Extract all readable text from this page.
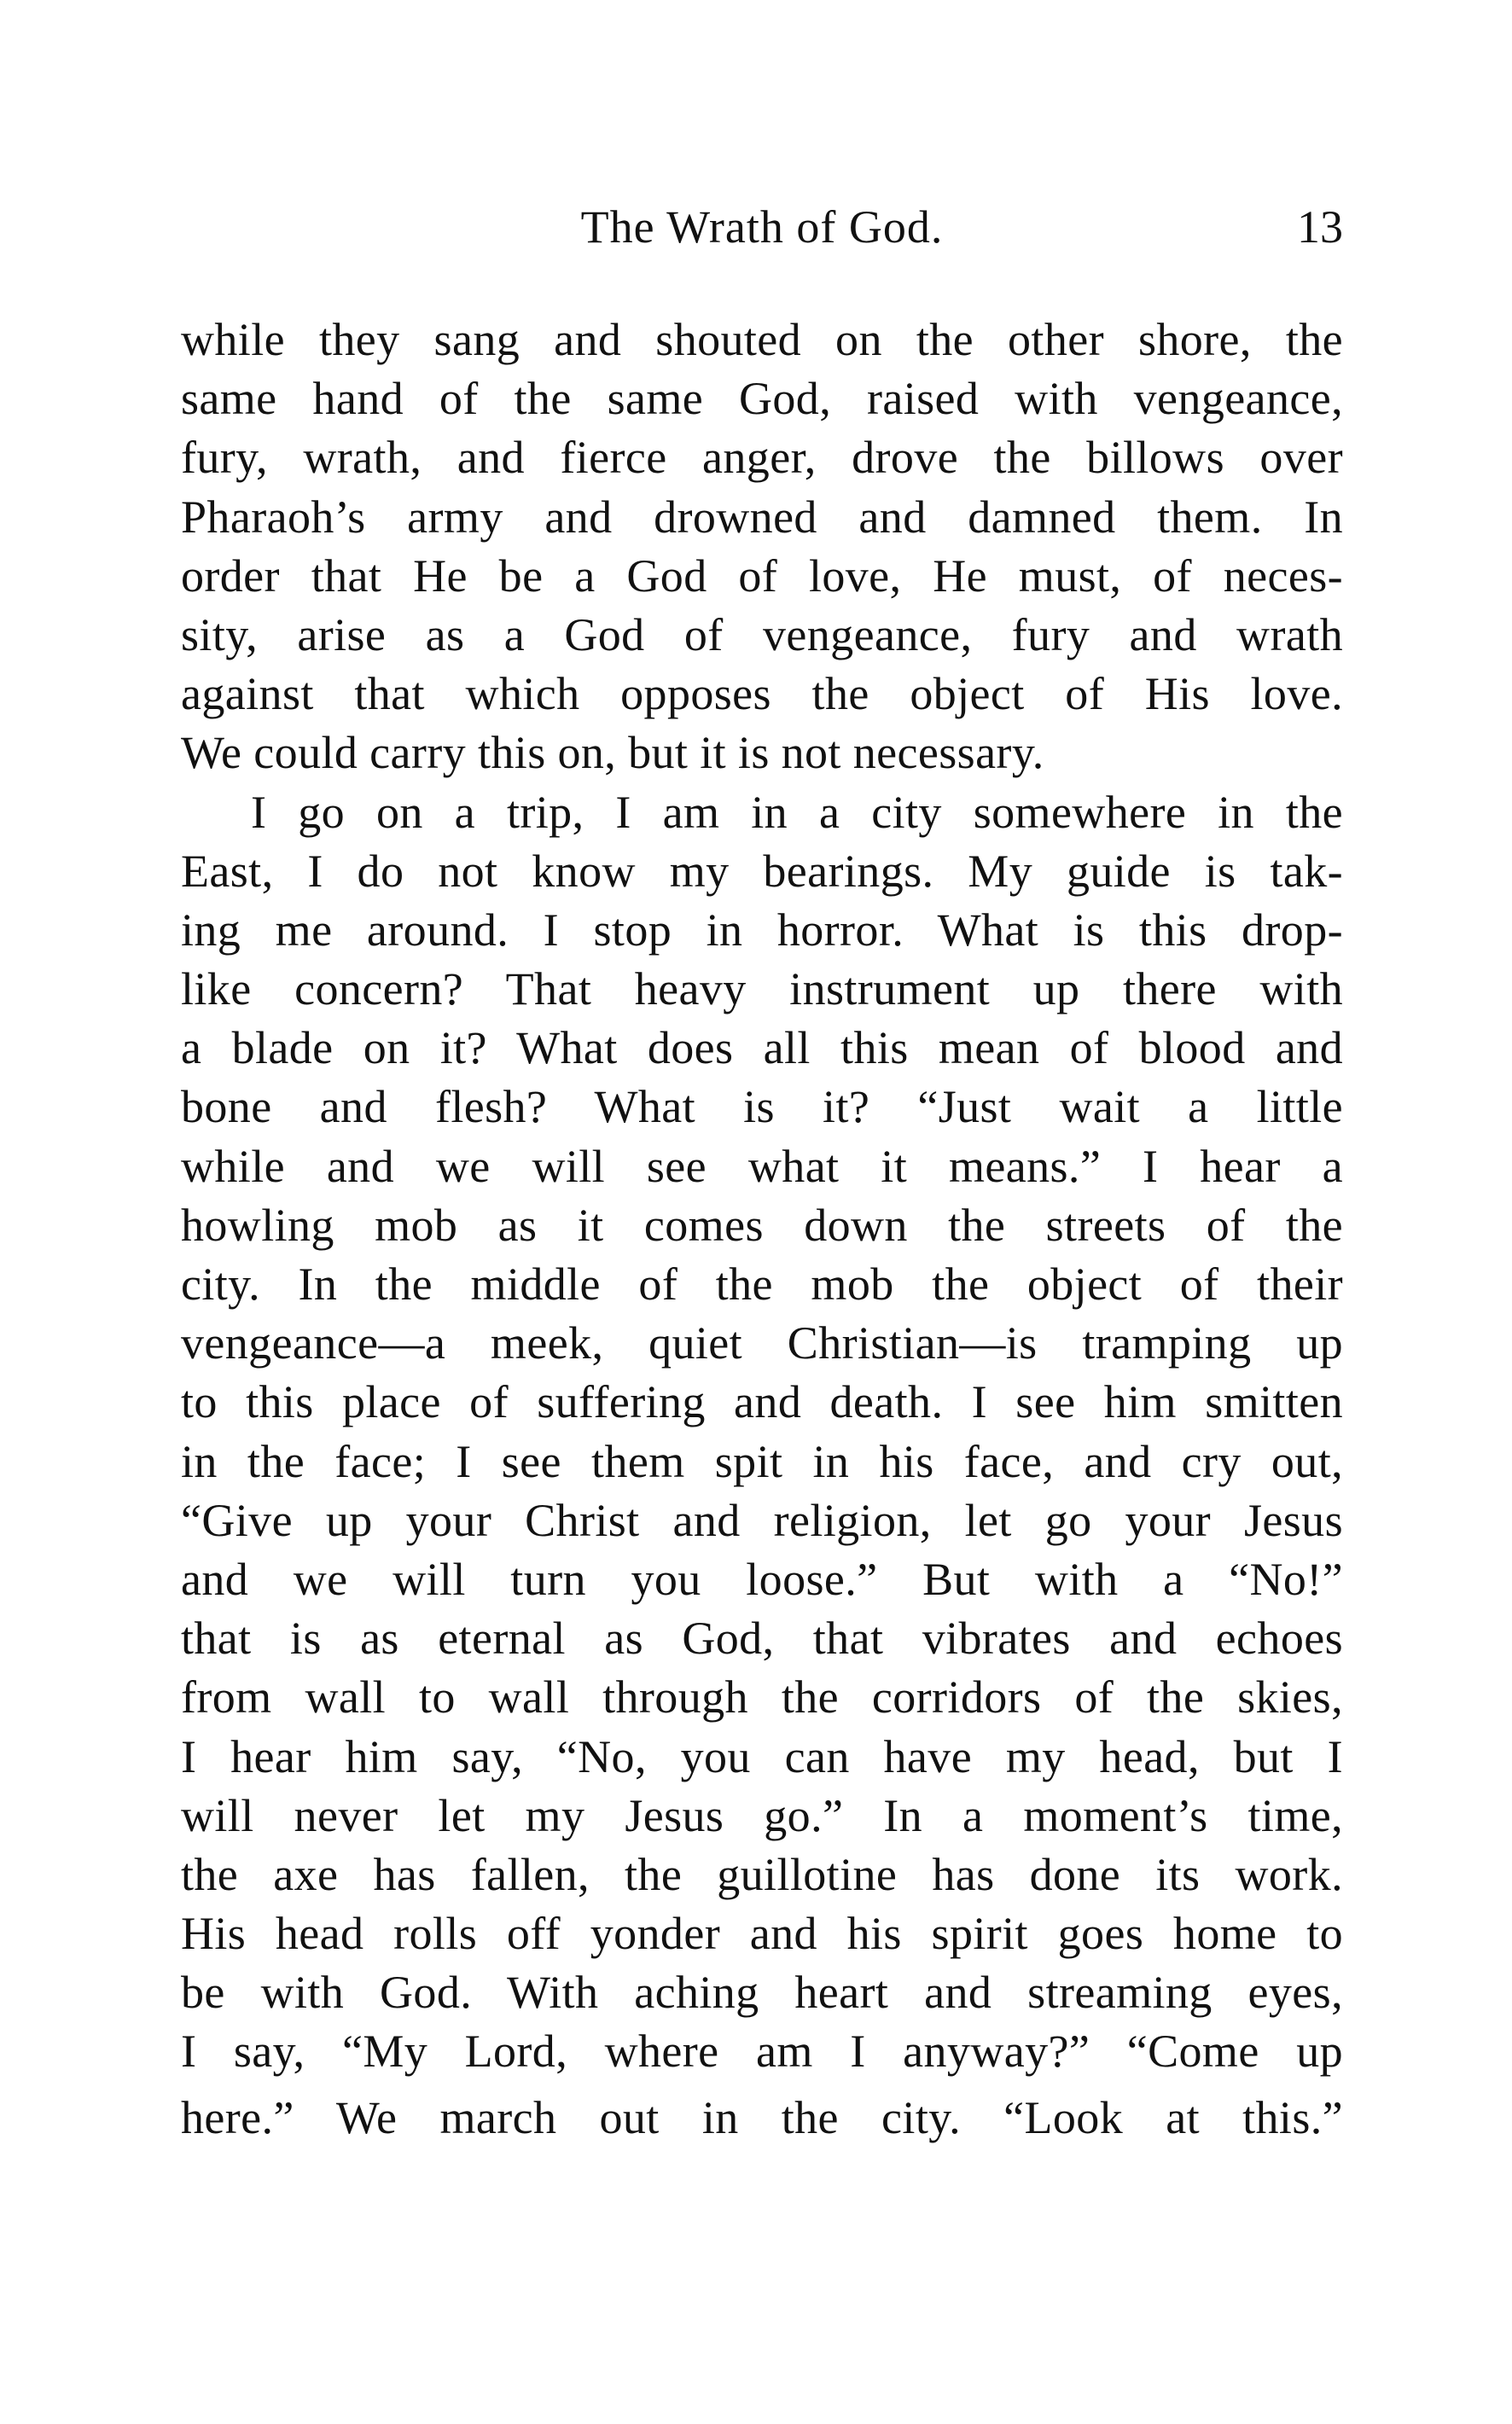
The Wrath of God.	13
while they sang and shouted on the other shore, the
same hand of the same God, raised with vengeance,
fury, wrath, and fierce anger, drove the billows over
Pharaoh’s army and drowned and damned them. In
order that He be a God of love, He must, of neces-
sity, arise as a God of vengeance, fury and wrath
against that which opposes the object of His love.
We could carry this on, but it is not necessary.
I go on a trip, I am in a city somewhere in the
East, I do not know my bearings. My guide is tak-
ing me around. I stop in horror. What is this drop-
like concern? That heavy instrument up there with
a blade on it? What does all this mean of blood and
bone and flesh? What is it? “Just wait a little
while and we will see what it means.” I hear a
howling mob as it comes down the streets of the
city. In the middle of the mob the object of their
vengeance—a meek, quiet Christian—is tramping up
to this place of suffering and death. I see him smitten
in the face; I see them spit in his face, and cry out,
“Give up your Christ and religion, let go your Jesus
and we will turn you loose.” But with a “No!”
that is as eternal as God, that vibrates and echoes
from wall to wall through the corridors of the skies,
I hear him say, “No, you can have my head, but I
will never let my Jesus go.” In a moment’s time,
the axe has fallen, the guillotine has done its work.
His head rolls off yonder and his spirit goes home to
be with God. With aching heart and streaming eyes,
I say, “My Lord, where am I anyway?” “Come up
here.” We march out in the city. “Look at this.”
